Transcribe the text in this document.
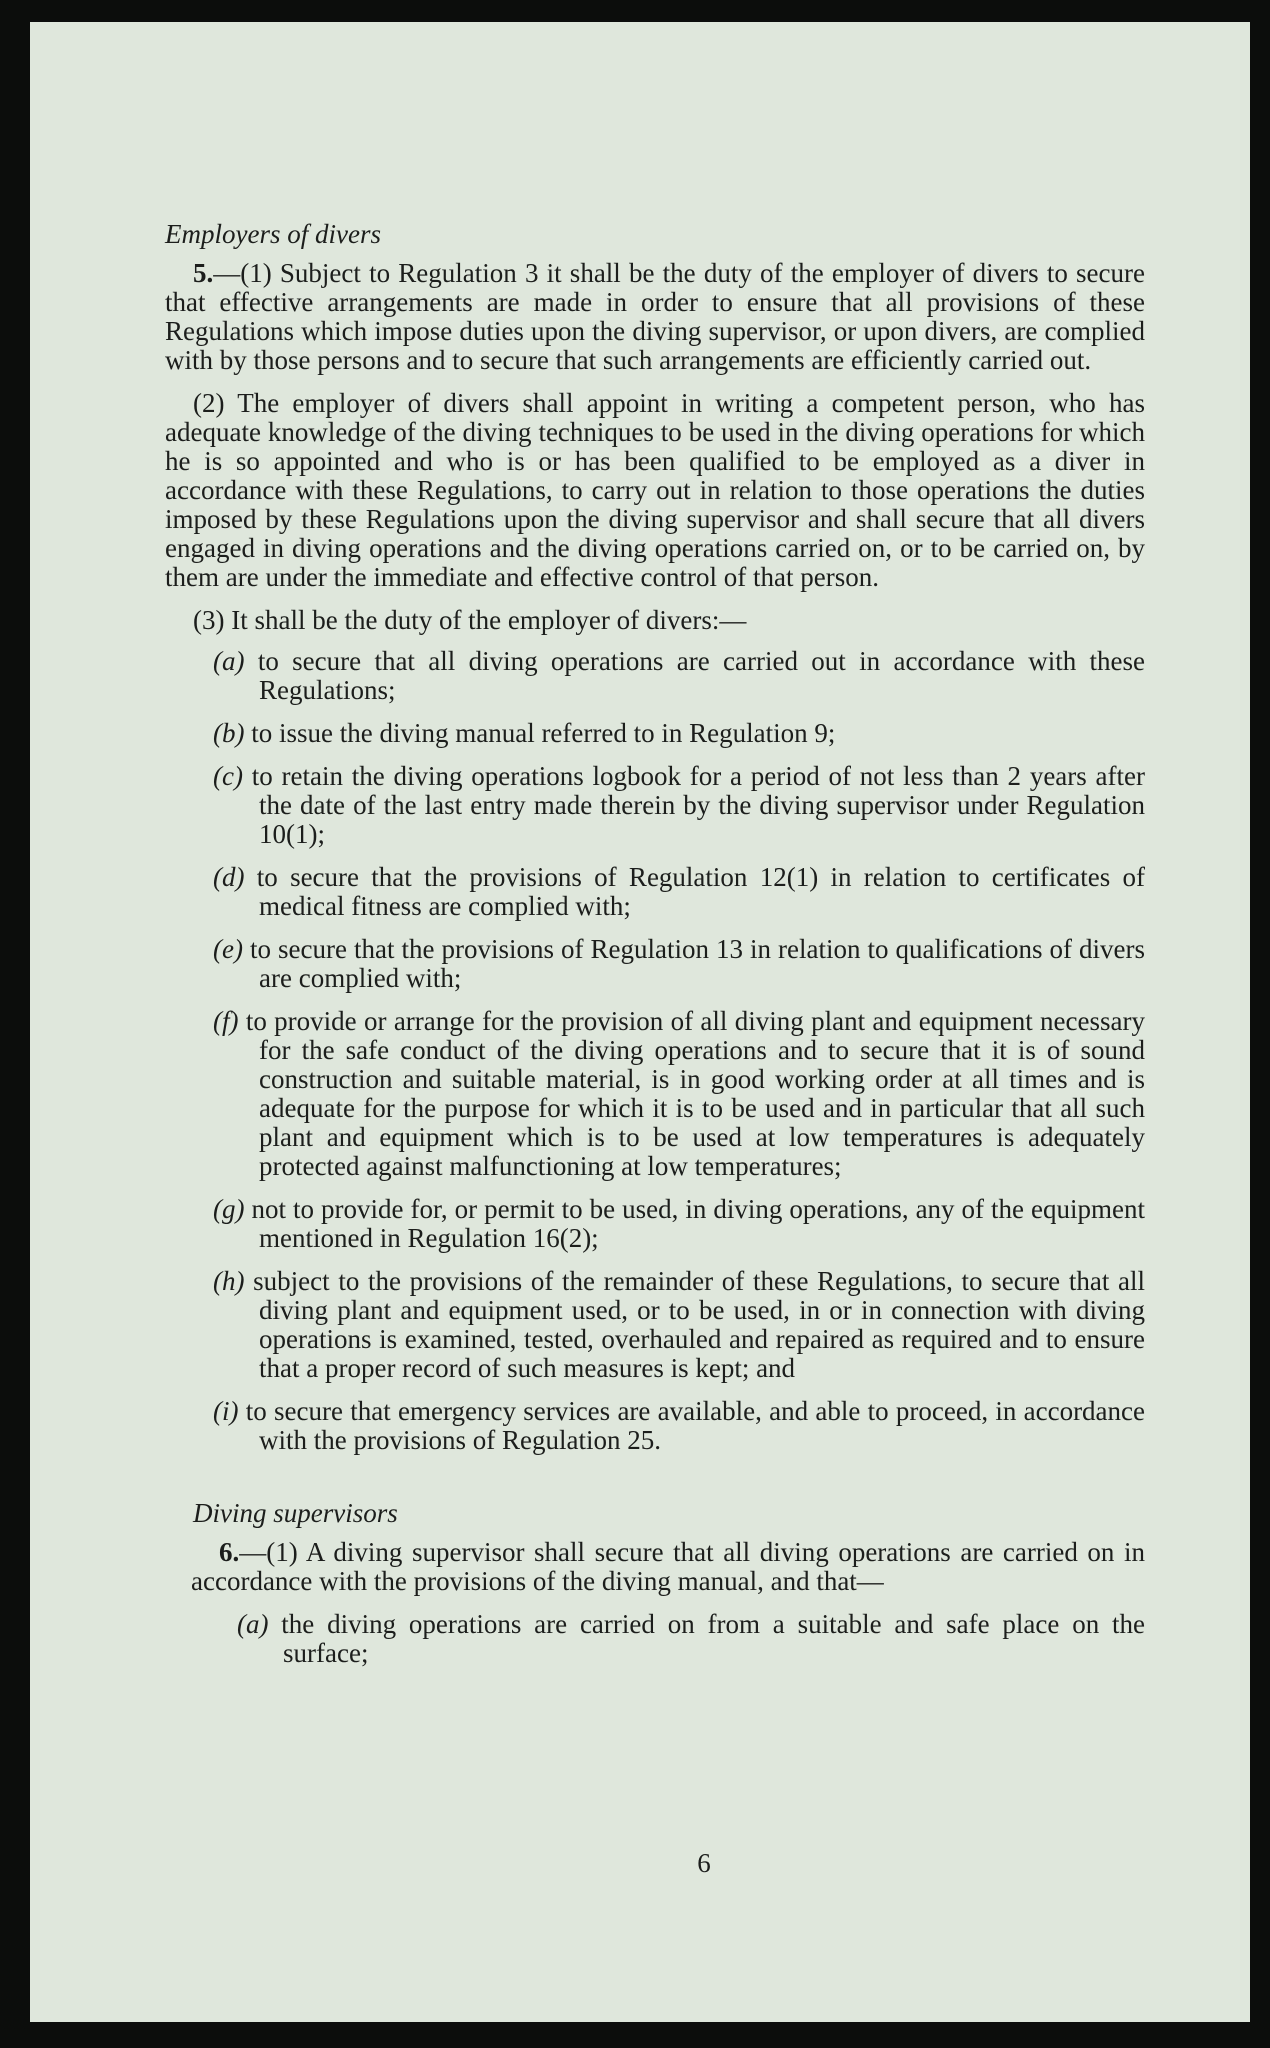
Employers of divers

5.—(1) Subject to Regulation 3 it shall be the duty of the employer of divers to secure that effective arrangements are made in order to ensure that all provisions of these Regulations which impose duties upon the diving supervisor, or upon divers, are complied with by those persons and to secure that such arrangements are efficiently carried out.

(2) The employer of divers shall appoint in writing a competent person, who has adequate knowledge of the diving techniques to be used in the diving operations for which he is so appointed and who is or has been qualified to be employed as a diver in accordance with these Regulations, to carry out in relation to those operations the duties imposed by these Regulations upon the diving supervisor and shall secure that all divers engaged in diving operations and the diving operations carried on, or to be carried on, by them are under the immediate and effective control of that person.

(3) It shall be the duty of the employer of divers:—

(a) to secure that all diving operations are carried out in accordance with these Regulations;
(b) to issue the diving manual referred to in Regulation 9;
(c) to retain the diving operations logbook for a period of not less than 2 years after the date of the last entry made therein by the diving supervisor under Regulation 10(1);
(d) to secure that the provisions of Regulation 12(1) in relation to certificates of medical fitness are complied with;
(e) to secure that the provisions of Regulation 13 in relation to qualifications of divers are complied with;
(f) to provide or arrange for the provision of all diving plant and equipment necessary for the safe conduct of the diving operations and to secure that it is of sound construction and suitable material, is in good working order at all times and is adequate for the purpose for which it is to be used and in particular that all such plant and equipment which is to be used at low temperatures is adequately protected against malfunctioning at low temperatures;
(g) not to provide for, or permit to be used, in diving operations, any of the equipment mentioned in Regulation 16(2);
(h) subject to the provisions of the remainder of these Regulations, to secure that all diving plant and equipment used, or to be used, in or in connection with diving operations is examined, tested, overhauled and repaired as required and to ensure that a proper record of such measures is kept; and
(i) to secure that emergency services are available, and able to proceed, in accordance with the provisions of Regulation 25.
Diving supervisors

6.—(1) A diving supervisor shall secure that all diving operations are carried on in accordance with the provisions of the diving manual, and that—

(a) the diving operations are carried on from a suitable and safe place on the surface;
6
